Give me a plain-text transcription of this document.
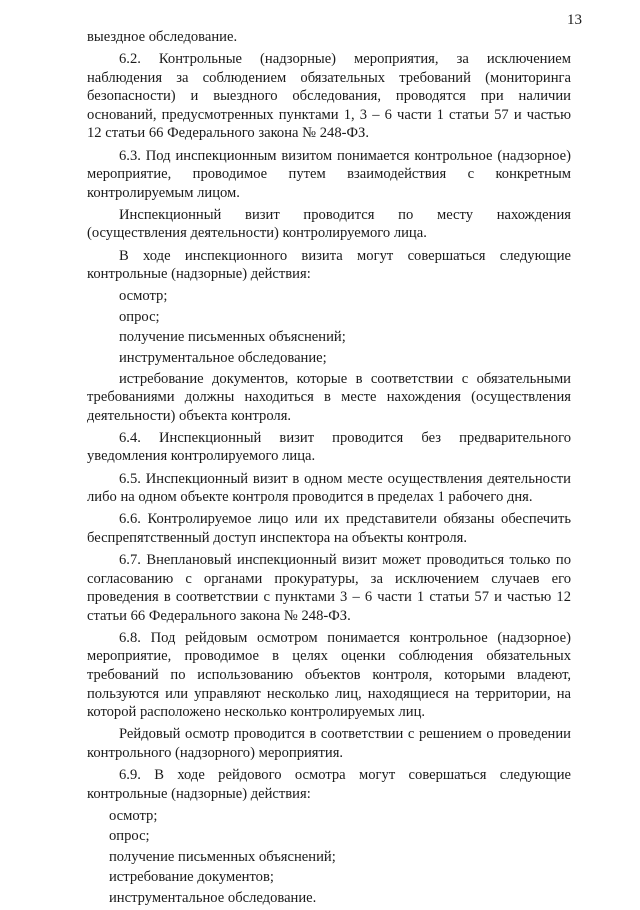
13

выездное обследование.

6.2. Контрольные (надзорные) мероприятия, за исключением наблюдения за соблюдением обязательных требований (мониторинга безопасности) и выездного обследования, проводятся при наличии оснований, предусмотренных пунктами 1, 3 – 6 части 1 статьи 57 и частью 12 статьи 66 Федерального закона № 248-ФЗ.

6.3. Под инспекционным визитом понимается контрольное (надзорное) мероприятие, проводимое путем взаимодействия с конкретным контролируемым лицом.

Инспекционный визит проводится по месту нахождения (осуществления деятельности) контролируемого лица.

В ходе инспекционного визита могут совершаться следующие контрольные (надзорные) действия:

осмотр;

опрос;

получение письменных объяснений;

инструментальное обследование;

истребование документов, которые в соответствии с обязательными требованиями должны находиться в месте нахождения (осуществления деятельности) объекта контроля.

6.4. Инспекционный визит проводится без предварительного уведомления контролируемого лица.

6.5. Инспекционный визит в одном месте осуществления деятельности либо на одном объекте контроля проводится в пределах 1 рабочего дня.

6.6. Контролируемое лицо или их представители обязаны обеспечить беспрепятственный доступ инспектора на объекты контроля.

6.7. Внеплановый инспекционный визит может проводиться только по согласованию с органами прокуратуры, за исключением случаев его проведения в соответствии с пунктами 3 – 6 части 1 статьи 57 и частью 12 статьи 66 Федерального закона № 248-ФЗ.

6.8. Под рейдовым осмотром понимается контрольное (надзорное) мероприятие, проводимое в целях оценки соблюдения обязательных требований по использованию объектов контроля, которыми владеют, пользуются или управляют несколько лиц, находящиеся на территории, на которой расположено несколько контролируемых лиц.

Рейдовый осмотр проводится в соответствии с решением о проведении контрольного (надзорного) мероприятия.

6.9. В ходе рейдового осмотра могут совершаться следующие контрольные (надзорные) действия:

осмотр;

опрос;

получение письменных объяснений;

истребование документов;

инструментальное обследование.
